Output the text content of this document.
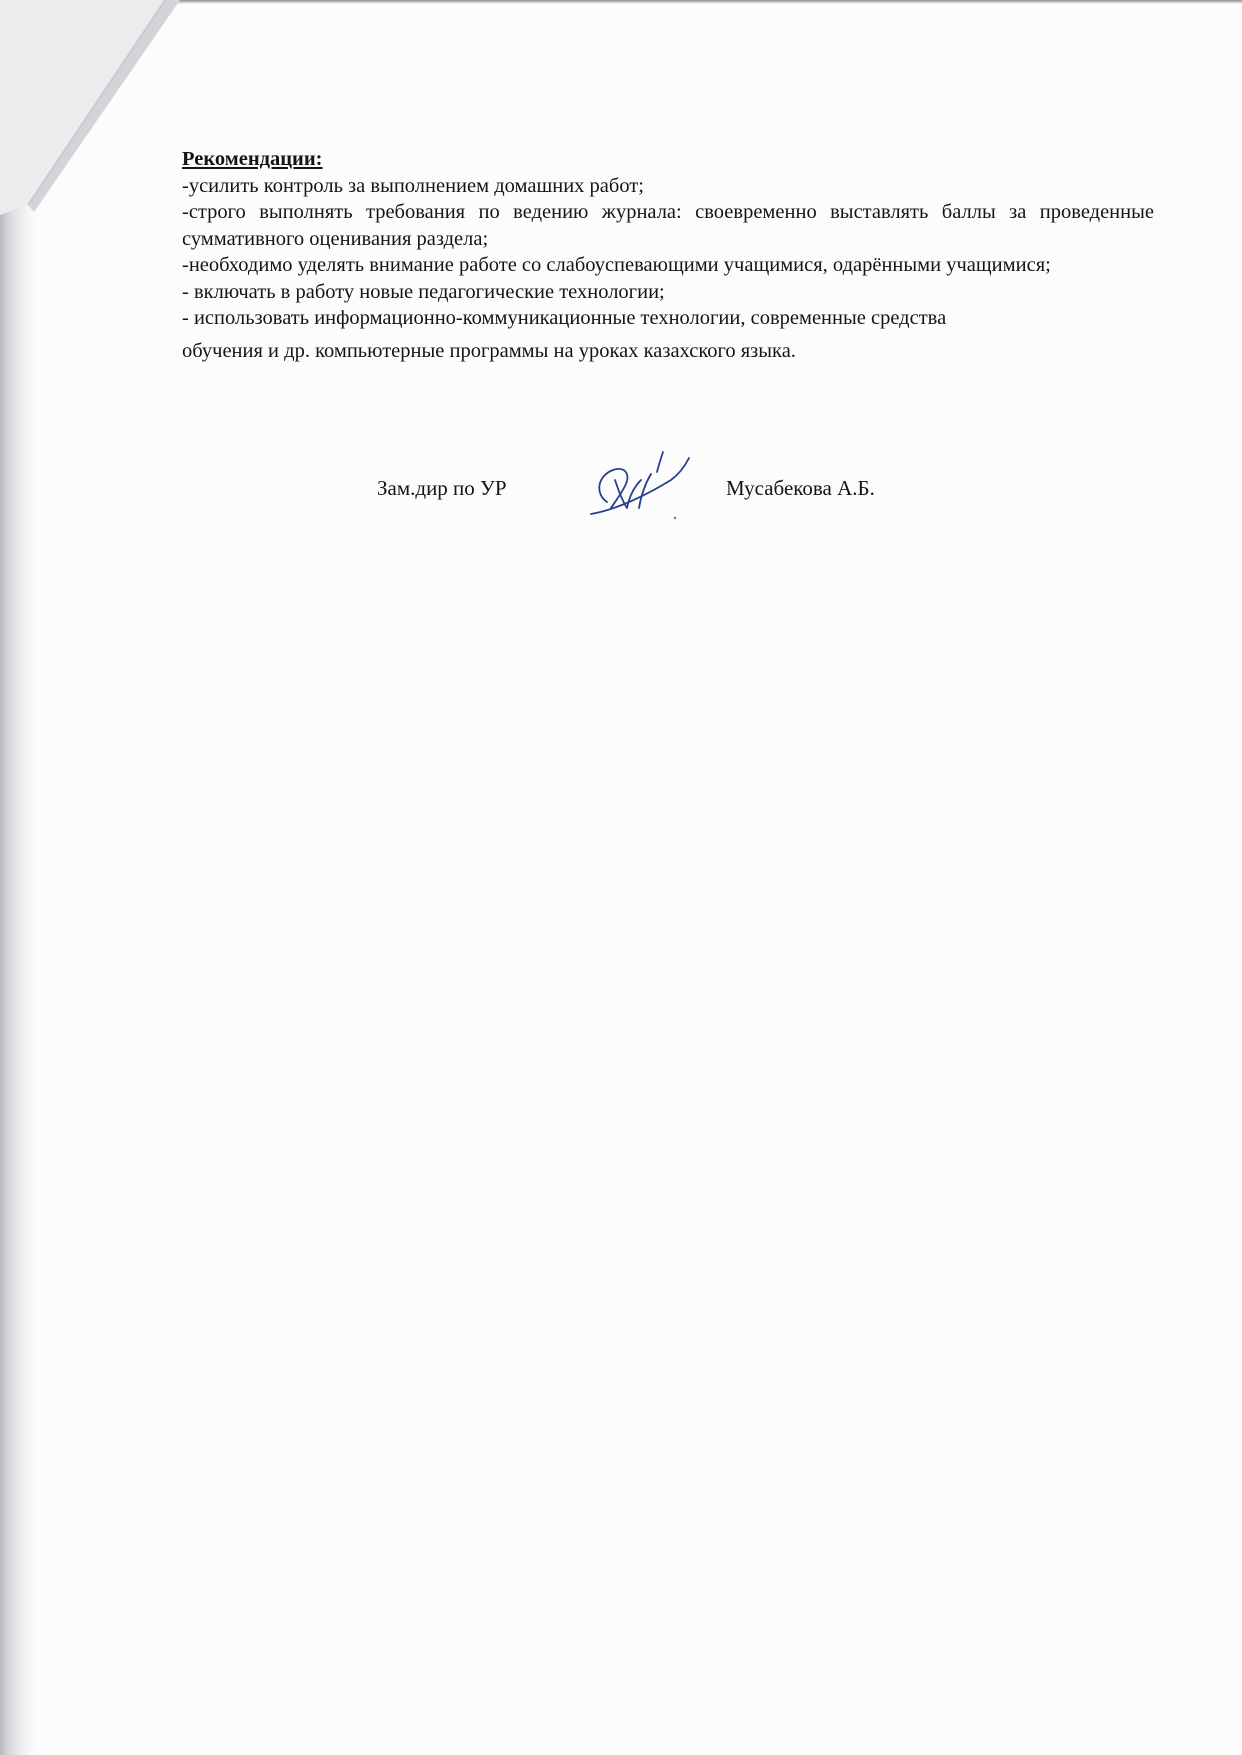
Рекомендации:

-усилить контроль за выполнением домашних работ;

-строго выполнять требования по ведению журнала: своевременно выставлять баллы за проведенные суммативного оценивания раздела;

-необходимо уделять внимание работе со слабоуспевающими учащимися, одарёнными учащимися;

- включать в работу новые педагогические технологии;

- использовать информационно-коммуникационные технологии, современные средства

обучения и др. компьютерные программы на уроках казахского языка.

Зам.дир по УР	Мусабекова А.Б.
